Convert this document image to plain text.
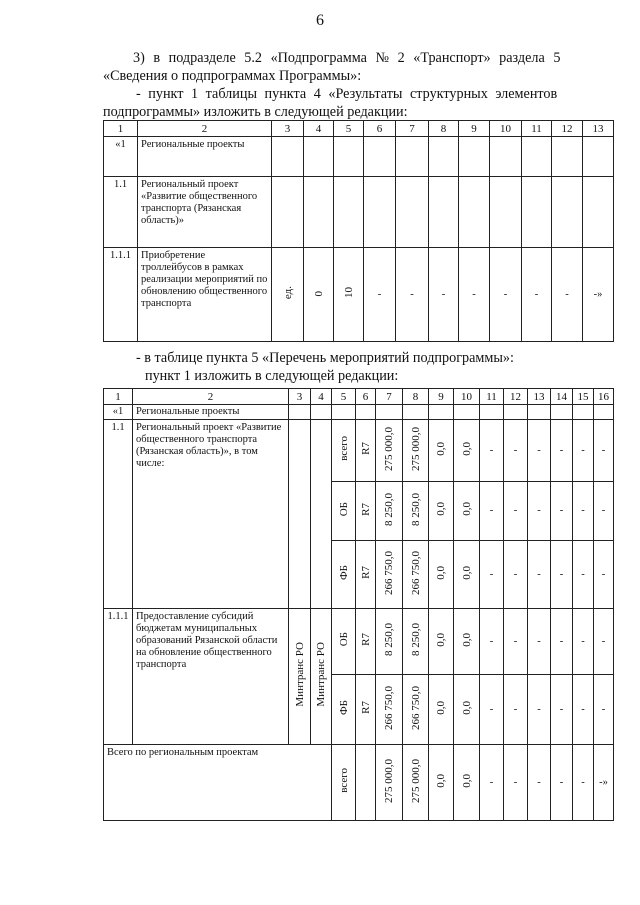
6
3) в подразделе 5.2 «Подпрограмма № 2 «Транспорт» раздела 5
«Сведения о подпрограммах Программы»:
- пункт 1 таблицы пункта 4 «Результаты структурных элементов
подпрограммы» изложить в следующей редакции:
1	2	3	4	5	6	7	8	9	10	11	12	13
«1	Региональные проекты											
1.1	Региональный проект «Развитие общественного транспорта (Рязанская область)»											
1.1.1	Приобретение троллейбусов в рамках реализации мероприятий по обновлению общественного транспорта	ед.	0	10	-	-	-	-	-	-	-	-»
- в таблице пункта 5 «Перечень мероприятий подпрограммы»:
пункт 1 изложить в следующей редакции:
1	2	3	4	5	6	7	8	9	10	11	12	13	14	15	16
«1	Региональные проекты														
1.1	Региональный проект «Развитие общественного транспорта (Рязанская область)», в том числе:			всего	R7	275 000,0	275 000,0	0,0	0,0	-	-	-	-	-	-
				ОБ	R7	8 250,0	8 250,0	0,0	0,0	-	-	-	-	-	-
				ФБ	R7	266 750,0	266 750,0	0,0	0,0	-	-	-	-	-	-
1.1.1	Предоставление субсидий бюджетам муниципальных образований Рязанской области на обновление общественного транспорта	Минтранс РО	Минтранс РО	ОБ	R7	8 250,0	8 250,0	0,0	0,0	-	-	-	-	-	-
				ФБ	R7	266 750,0	266 750,0	0,0	0,0	-	-	-	-	-	-
Всего по региональным проектам				всего		275 000,0	275 000,0	0,0	0,0	-	-	-	-	-	-»
